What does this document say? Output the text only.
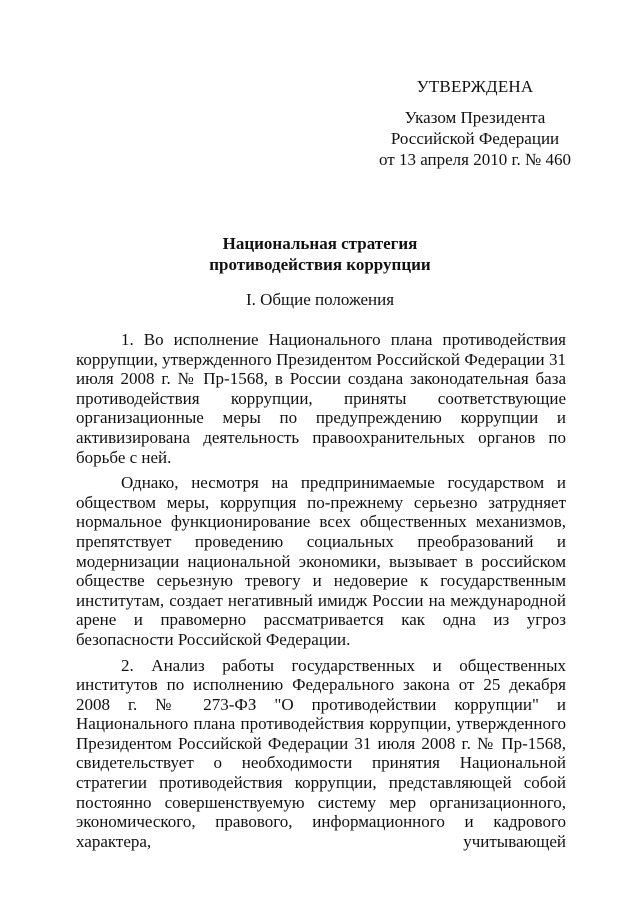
УТВЕРЖДЕНА
Указом Президента
Российской Федерации
от 13 апреля 2010 г. № 460
Национальная стратегия
противодействия коррупции
I. Общие положения

1. Во исполнение Национального плана противодействия коррупции, утвержденного Президентом Российской Федерации 31 июля 2008 г. № Пр-1568, в России создана законодательная база противодействия коррупции, приняты соответствующие организационные меры по предупреждению коррупции и активизирована деятельность правоохранительных органов по борьбе с ней.

Однако, несмотря на предпринимаемые государством и обществом меры, коррупция по-прежнему серьезно затрудняет нормальное функционирование всех общественных механизмов, препятствует проведению социальных преобразований и модернизации национальной экономики, вызывает в российском обществе серьезную тревогу и недоверие к государственным институтам, создает негативный имидж России на международной арене и правомерно рассматривается как одна из угроз безопасности Российской Федерации.

2. Анализ работы государственных и общественных институтов по исполнению Федерального закона от 25 декабря 2008 г. № 273-ФЗ "О противодействии коррупции" и Национального плана противодействия коррупции, утвержденного Президентом Российской Федерации 31 июля 2008 г. № Пр-1568, свидетельствует о необходимости принятия Национальной стратегии противодействия коррупции, представляющей собой постоянно совершенствуемую систему мер организационного, экономического, правового, информационного и кадрового характера, учитывающей
